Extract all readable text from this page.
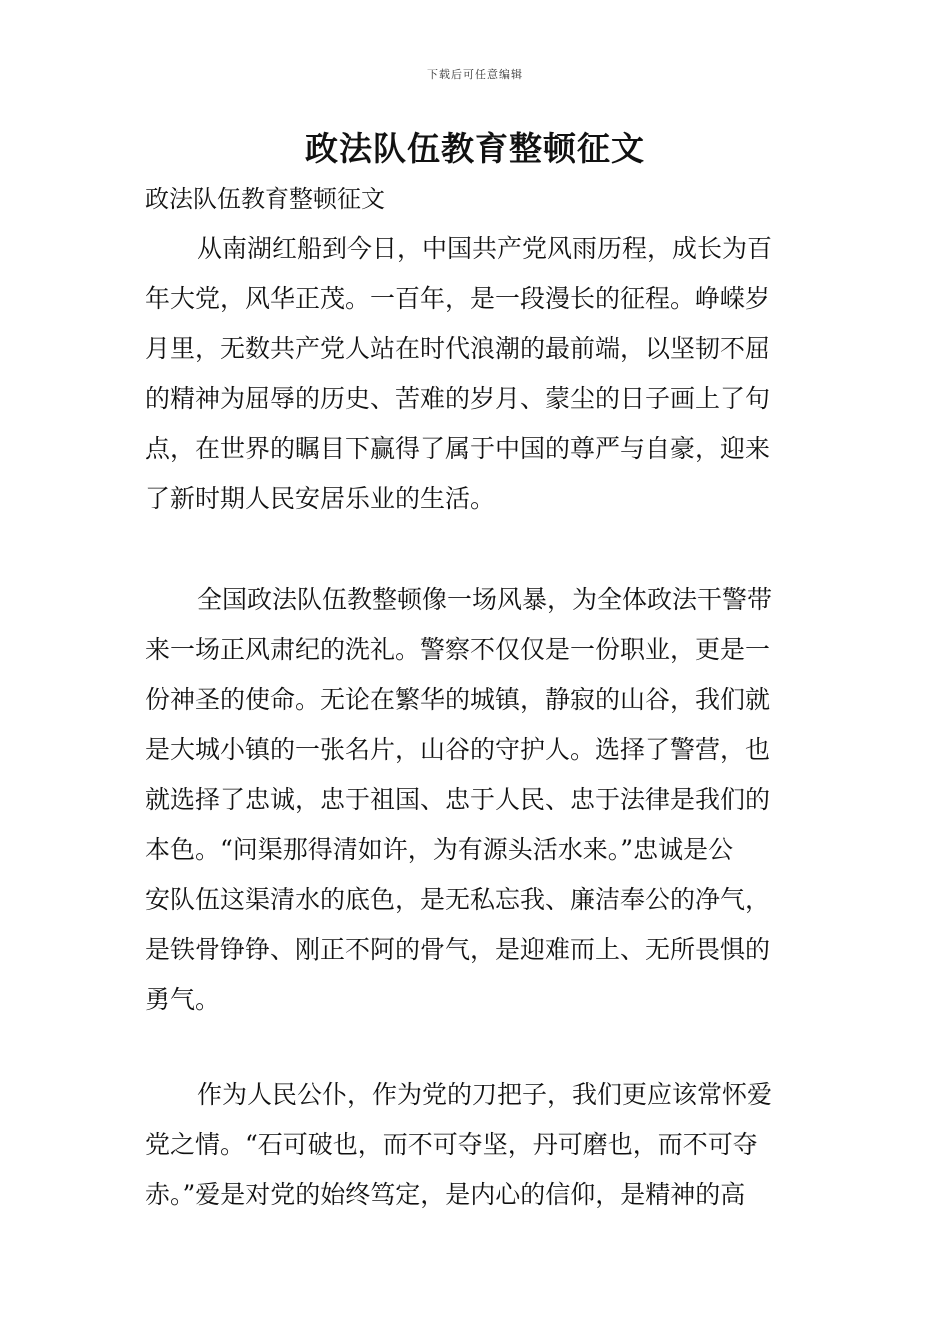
下载后可任意编辑
政法队伍教育整顿征文
政法队伍教育整顿征文
从南湖红船到今日，中国共产党风雨历程，成长为百
年大党，风华正茂。一百年，是一段漫长的征程。峥嵘岁
月里，无数共产党人站在时代浪潮的最前端，以坚韧不屈
的精神为屈辱的历史、苦难的岁月、蒙尘的日子画上了句
点，在世界的瞩目下赢得了属于中国的尊严与自豪，迎来
了新时期人民安居乐业的生活。
全国政法队伍教整顿像一场风暴，为全体政法干警带
来一场正风肃纪的洗礼。警察不仅仅是一份职业，更是一
份神圣的使命。无论在繁华的城镇，静寂的山谷，我们就
是大城小镇的一张名片，山谷的守护人。选择了警营，也
就选择了忠诚，忠于祖国、忠于人民、忠于法律是我们的
本色。“问渠那得清如许，为有源头活水来。”忠诚是公
安队伍这渠清水的底色，是无私忘我、廉洁奉公的净气，
是铁骨铮铮、刚正不阿的骨气，是迎难而上、无所畏惧的
勇气。
作为人民公仆，作为党的刀把子，我们更应该常怀爱
党之情。“石可破也，而不可夺坚，丹可磨也，而不可夺
赤。”爱是对党的始终笃定，是内心的信仰，是精神的高
